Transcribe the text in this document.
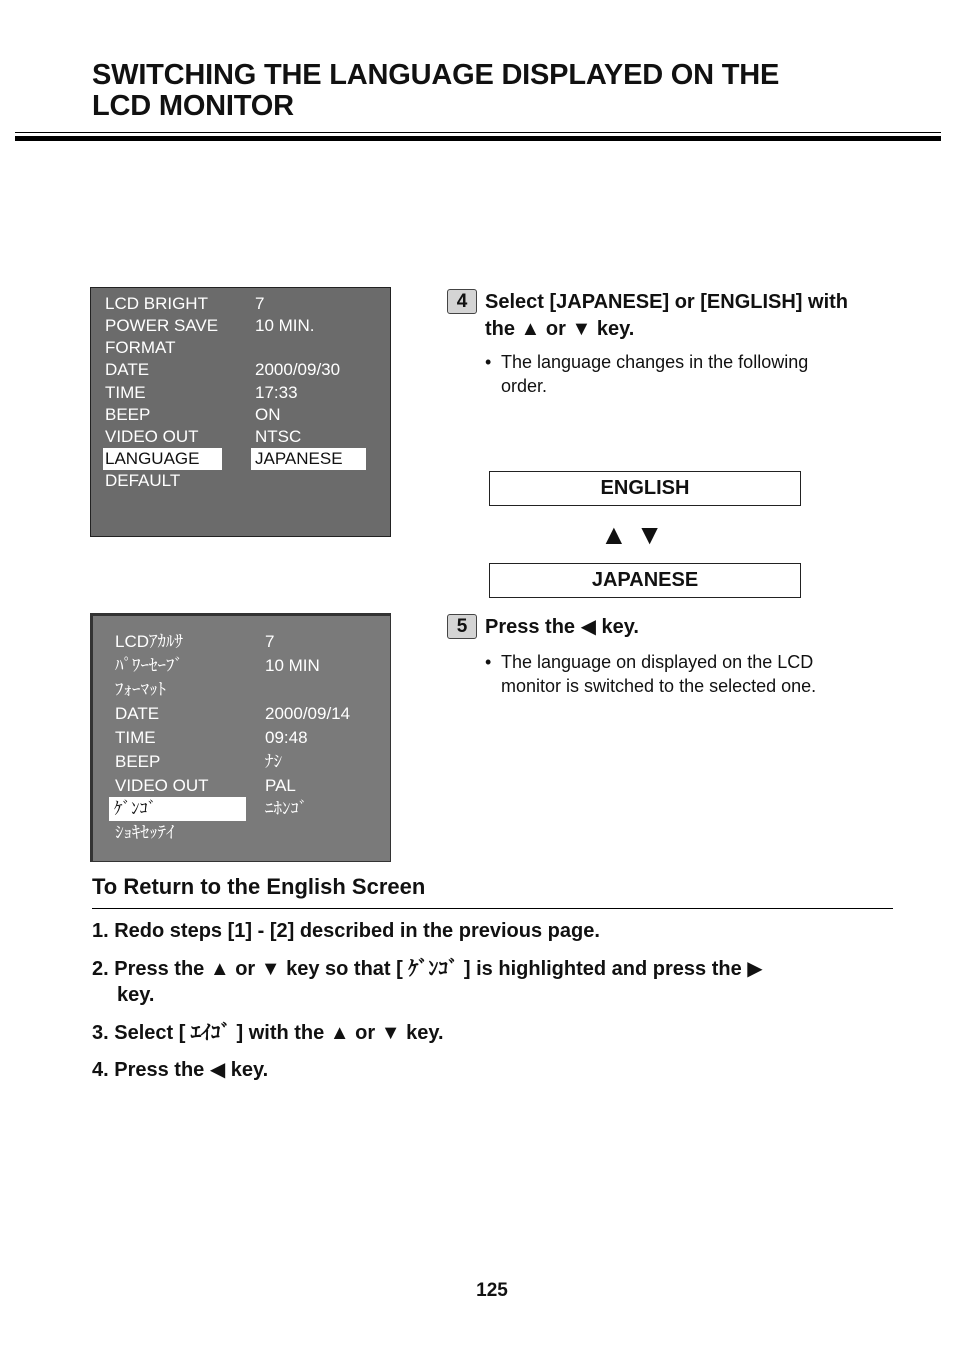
SWITCHING THE LANGUAGE DISPLAYED ON THE
LCD MONITOR
LCD BRIGHT	7
POWER SAVE 10 MIN.
FORMAT
DATE	2000/09/30
TIME	17:33
BEEP	ON
VIDEO OUT	NTSC
LANGUAGE	JAPANESE
DEFAULT
LCDｱｶﾙｻ	7
ﾊﾟﾜｰｾｰﾌﾞ	10 MIN
ﾌｫｰﾏｯﾄ
DATE	2000/09/14
TIME	09:48
BEEP	ﾅｼ
VIDEO OUT	PAL
ｹﾞﾝｺﾞ	ﾆﾎﾝｺﾞ
ｼｮｷｾｯﾃｲ
4 Select [JAPANESE] or [ENGLISH] with
the ▲ or ▼ key.
• The language changes in the following
order.
ENGLISH
▲▼
JAPANESE
5 Press the ◀ key.
• The language on displayed on the LCD
monitor is switched to the selected one.
To Return to the English Screen
1. Redo steps [1] - [2] described in the previous page.
2. Press the ▲ or ▼ key so that [ ｹﾞﾝｺﾞ ] is highlighted and press the ▶
key.
3. Select [ ｴｲｺﾞ ] with the ▲ or ▼ key.
4. Press the ◀ key.
125
